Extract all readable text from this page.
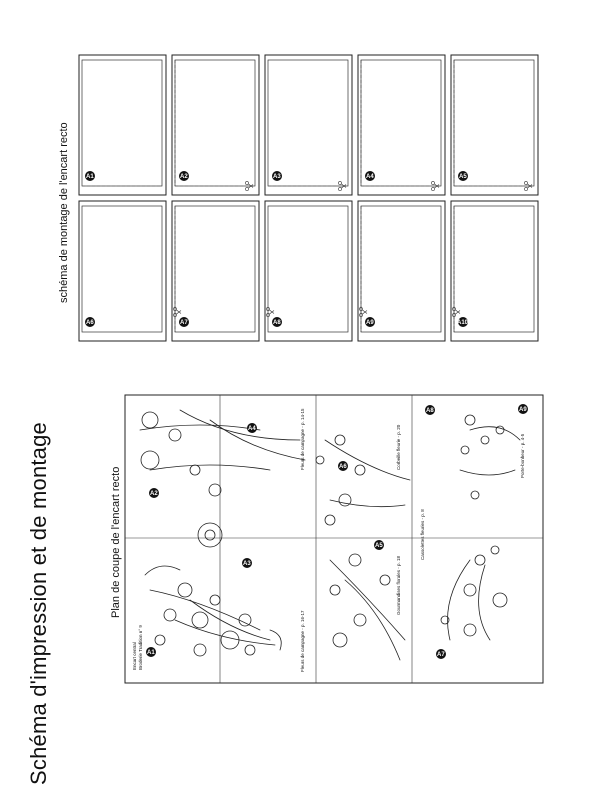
Schéma d'impression et de montage	Plan de coupe de l'encart recto
schéma de montage de l'encart recto	A1	A2	A3	A4	A5
A6	A7	A8	A9	A10
A1
A2
A3
A4
A5
A6
A7
A8	A9
Encart central Broderie Tradition n° 9	Fleurs de campagne - p. 16-17
Fleurs de campagne - p. 14-15
Gourmandises florales - p. 18
Corbeille fleurie - p. 20
Cassolettes fleuries - p. 8
Porte-bonheur - p. 4-5
